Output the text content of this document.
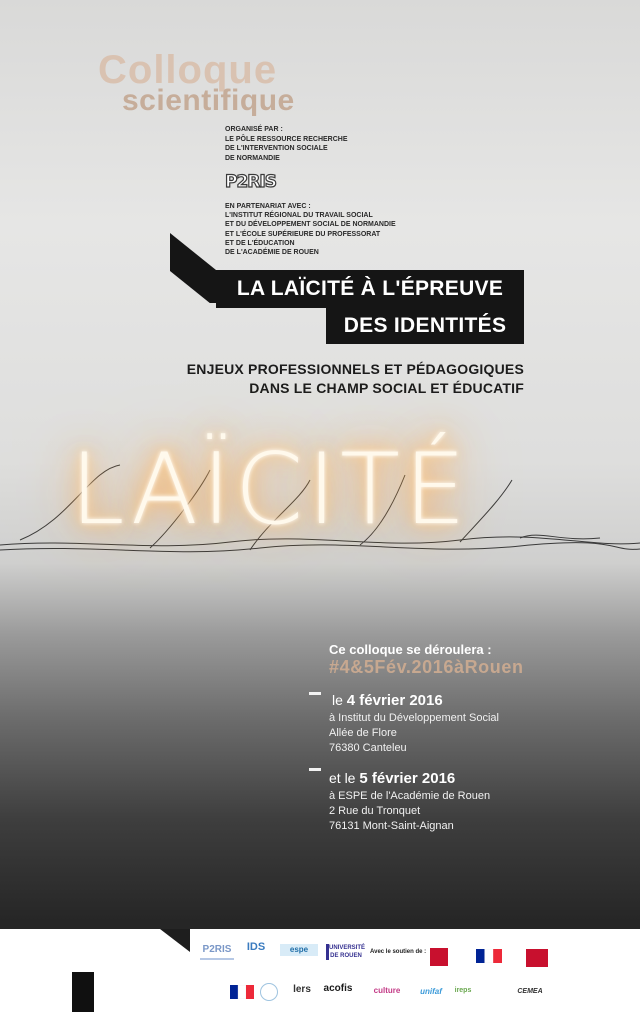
Colloque
scientifique
ORGANISÉ PAR :
LE PÔLE RESSOURCE RECHERCHE
DE L'INTERVENTION SOCIALE
DE NORMANDIE
P2RIS
EN PARTENARIAT AVEC :
L'INSTITUT RÉGIONAL DU TRAVAIL SOCIAL
ET DU DÉVELOPPEMENT SOCIAL DE NORMANDIE
ET L'ÉCOLE SUPÉRIEURE DU PROFESSORAT
ET DE L'ÉDUCATION
DE L'ACADÉMIE DE ROUEN
LA LAÏCITÉ À L'ÉPREUVE
DES IDENTITÉS
ENJEUX PROFESSIONNELS ET PÉDAGOGIQUES
DANS LE CHAMP SOCIAL ET ÉDUCATIF
LAÏCITÉ
Ce colloque se déroulera :
#4&5Fév.2016àRouen
le 4 février 2016
à Institut du Développement Social
Allée de Flore
76380 Canteleu
et le 5 février 2016
à ESPE de l'Académie de Rouen
2 Rue du Tronquet
76131 Mont-Saint-Aignan
P2RIS IDS	espe	UNIVERSITÉ DE ROUEN
Avec le soutien de :
lers	acofis	culture unifaf	ireps	CEMEA
